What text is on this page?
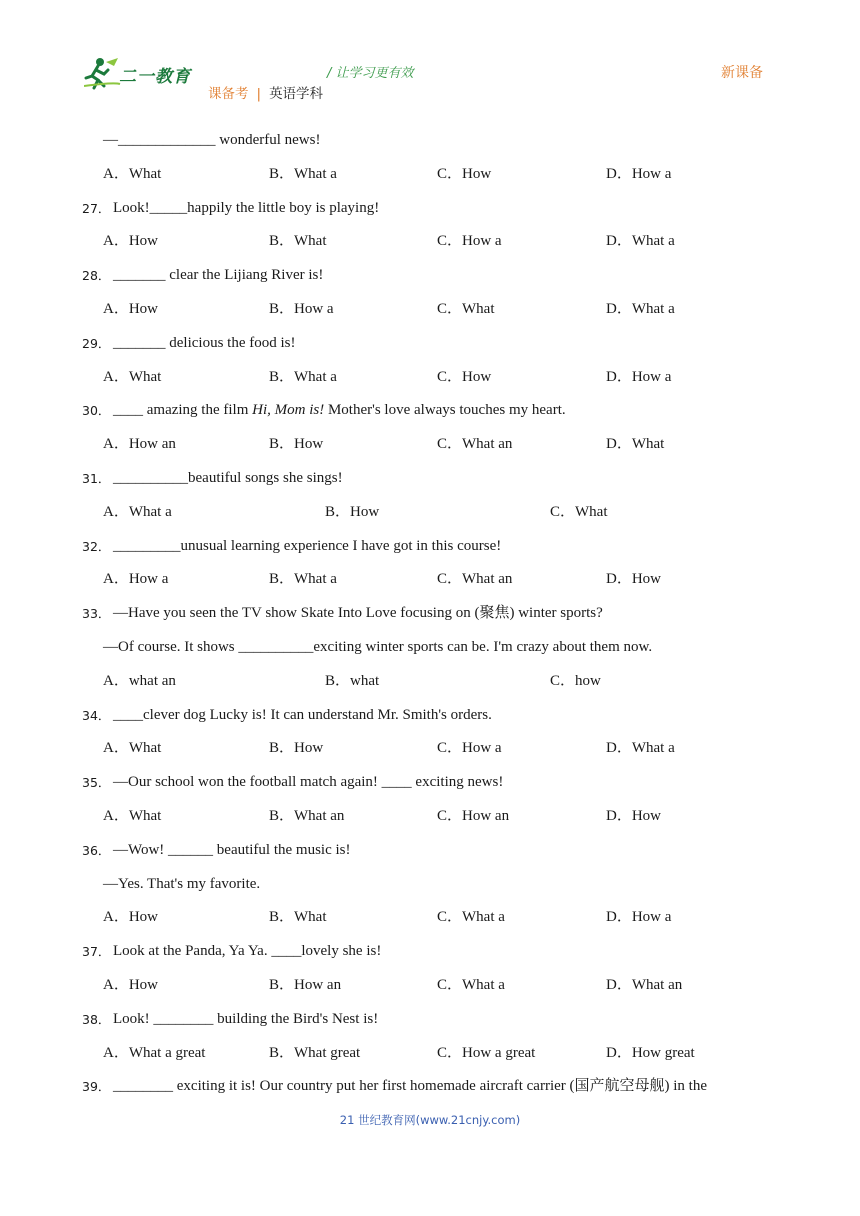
二一教育	/ 让学习更有效
课备考 | 英语学科
新课备
—_____________ wonderful news!
A．What	B．What a	C．How	D．How a
27． Look!_____happily the little boy is playing!
A．How	B．What	C．How a	D．What a
28． _______ clear the Lijiang River is!
A．How	B．How a	C．What	D．What a
29． _______ delicious the food is!
A．What	B．What a	C．How	D．How a
30． ____ amazing the film Hi, Mom is! Mother's love always touches my heart.
A．How an	B．How	C．What an	D．What
31． __________beautiful songs she sings!
A．What a	B．How	C．What
32． _________unusual learning experience I have got in this course!
A．How a	B．What a	C．What an	D．How
33． —Have you seen the TV show Skate Into Love focusing on (聚焦) winter sports?
—Of course. It shows __________exciting winter sports can be. I'm crazy about them now.
A．what an	B．what	C．how
34． ____clever dog Lucky is! It can understand Mr. Smith's orders.
A．What	B．How	C．How a	D．What a
35． —Our school won the football match again! ____ exciting news!
A．What	B．What an	C．How an	D．How
36． —Wow! ______ beautiful the music is!
—Yes. That's my favorite.
A．How	B．What	C．What a	D．How a
37． Look at the Panda, Ya Ya. ____lovely she is!
A．How	B．How an	C．What a	D．What an
38． Look! ________ building the Bird's Nest is!
A．What a great	B．What great	C．How a great	D．How great
39． ________ exciting it is! Our country put her first homemade aircraft carrier (国产航空母舰) in the
21 世纪教育网(www.21cnjy.com)
